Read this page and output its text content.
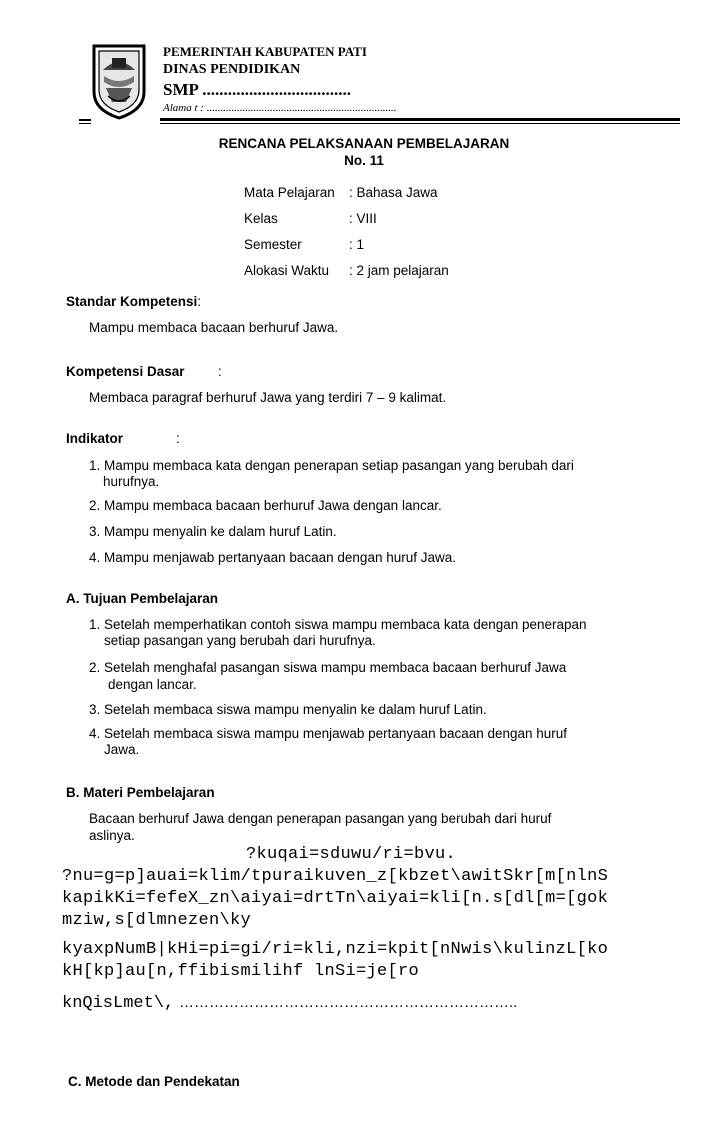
PEMERINTAH KABUPATEN PATI
DINAS PENDIDIKAN
SMP ...................................
Alama t : .....................................................................
RENCANA PELAKSANAAN PEMBELAJARAN
No. 11
Mata Pelajaran : Bahasa Jawa
Kelas	: VIII
Semester	: 1
Alokasi Waktu : 2 jam pelajaran
Standar Kompetensi:
Mampu membaca bacaan berhuruf Jawa.
Kompetensi Dasar :
Membaca paragraf berhuruf Jawa yang terdiri 7 – 9 kalimat.
Indikator	:
1. Mampu membaca kata dengan penerapan setiap pasangan yang berubah dari
hurufnya.
2. Mampu membaca bacaan berhuruf Jawa dengan lancar.
3. Mampu menyalin ke dalam huruf Latin.
4. Mampu menjawab pertanyaan bacaan dengan huruf Jawa.
A. Tujuan Pembelajaran
1. Setelah memperhatikan contoh siswa mampu membaca kata dengan penerapan
setiap pasangan yang berubah dari hurufnya.
2. Setelah menghafal pasangan siswa mampu membaca bacaan berhuruf Jawa
dengan lancar.
3. Setelah membaca siswa mampu menyalin ke dalam huruf Latin.
4. Setelah membaca siswa mampu menjawab pertanyaan bacaan dengan huruf
Jawa.
B. Materi Pembelajaran
Bacaan berhuruf Jawa dengan penerapan pasangan yang berubah dari huruf
aslinya.
?kuqai=sduwu/ri=bvu.
?nu=g=p]auai=klim/tpuraikuven_z[kbzet\awitSkr[m[nlnS
kapikKi=fefeX_zn\aiyai=drtTn\aiyai=kli[n.s[dl[m=[gok
mziw,s[dlmnezen\ky
kyaxpNumB|kHi=pi=gi/ri=kli,nzi=kpit[nNwis\kulinzL[ko
kH[kp]au[n,ffibismilihf lnSi=je[ro
knQisLmet\, …………………………………………………………..
C. Metode dan Pendekatan
